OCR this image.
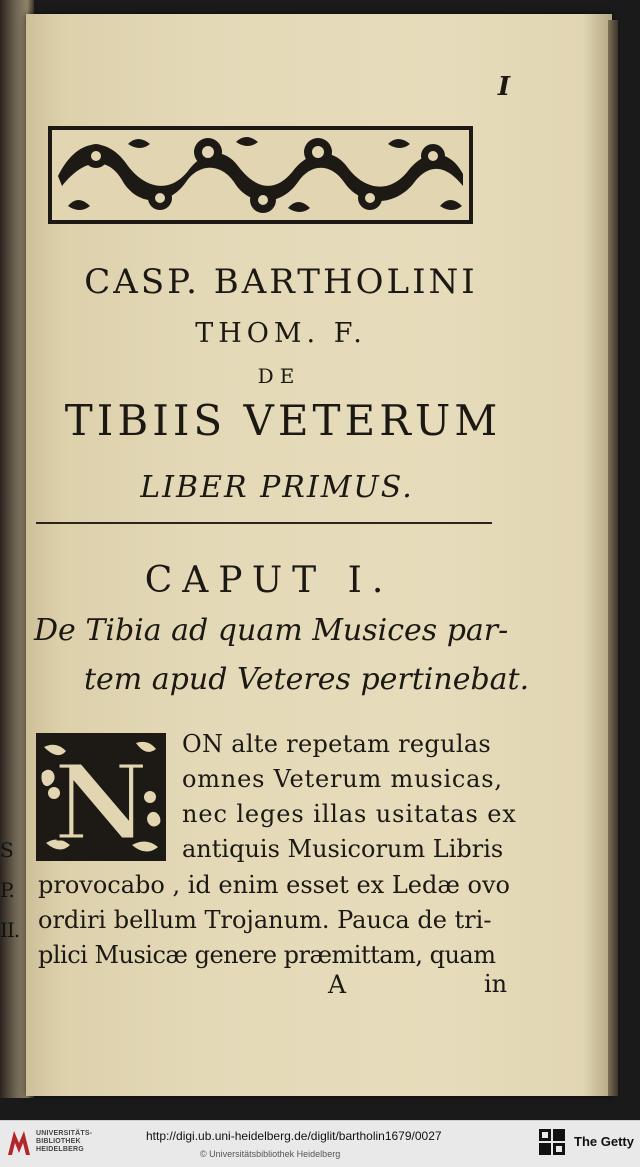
S
P.
II.
I
CASP. BARTHOLINI
THOM. F.
DE
TIBIIS VETERUM
LIBER PRIMUS.
CAPUT I.
De Tibia ad quam Musices par-
tem apud Veteres pertinebat.
N ON alte repetam regulas
omnes Veterum musicas,
nec leges illas usitatas ex
antiquis Musicorum Libris
provocabo , id enim esset ex Ledæ ovo
ordiri bellum Trojanum. Pauca de tri-
plici Musicæ genere præmittam, quam
A	in
UNIVERSITÄTS-
BIBLIOTHEK
HEIDELBERG
http://digi.ub.uni-heidelberg.de/diglit/bartholin1679/0027
© Universitätsbibliothek Heidelberg
The Getty
